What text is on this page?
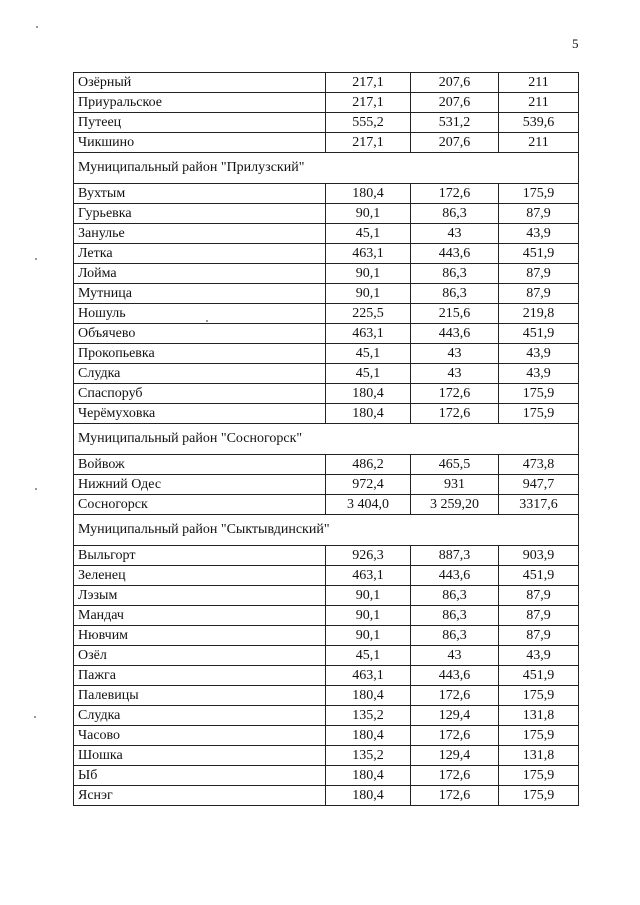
5
Озёрный	217,1	207,6	211
Приуральское	217,1	207,6	211
Путеец	555,2	531,2	539,6
Чикшино	217,1	207,6	211
Муниципальный район "Прилузский"			
Вухтым	180,4	172,6	175,9
Гурьевка	90,1	86,3	87,9
Занулье	45,1	43	43,9
Летка	463,1	443,6	451,9
Лойма	90,1	86,3	87,9
Мутница	90,1	86,3	87,9
Ношуль	225,5	215,6	219,8
Объячево	463,1	443,6	451,9
Прокопьевка	45,1	43	43,9
Слудка	45,1	43	43,9
Спаспоруб	180,4	172,6	175,9
Черёмуховка	180,4	172,6	175,9
Муниципальный район "Сосногорск"			
Войвож	486,2	465,5	473,8
Нижний Одес	972,4	931	947,7
Сосногорск	3 404,0	3 259,20	3317,6
Муниципальный район "Сыктывдинский"			
Выльгорт	926,3	887,3	903,9
Зеленец	463,1	443,6	451,9
Лэзым	90,1	86,3	87,9
Мандач	90,1	86,3	87,9
Нювчим	90,1	86,3	87,9
Озёл	45,1	43	43,9
Пажга	463,1	443,6	451,9
Палевицы	180,4	172,6	175,9
Слудка	135,2	129,4	131,8
Часово	180,4	172,6	175,9
Шошка	135,2	129,4	131,8
Ыб	180,4	172,6	175,9
Яснэг	180,4	172,6	175,9
